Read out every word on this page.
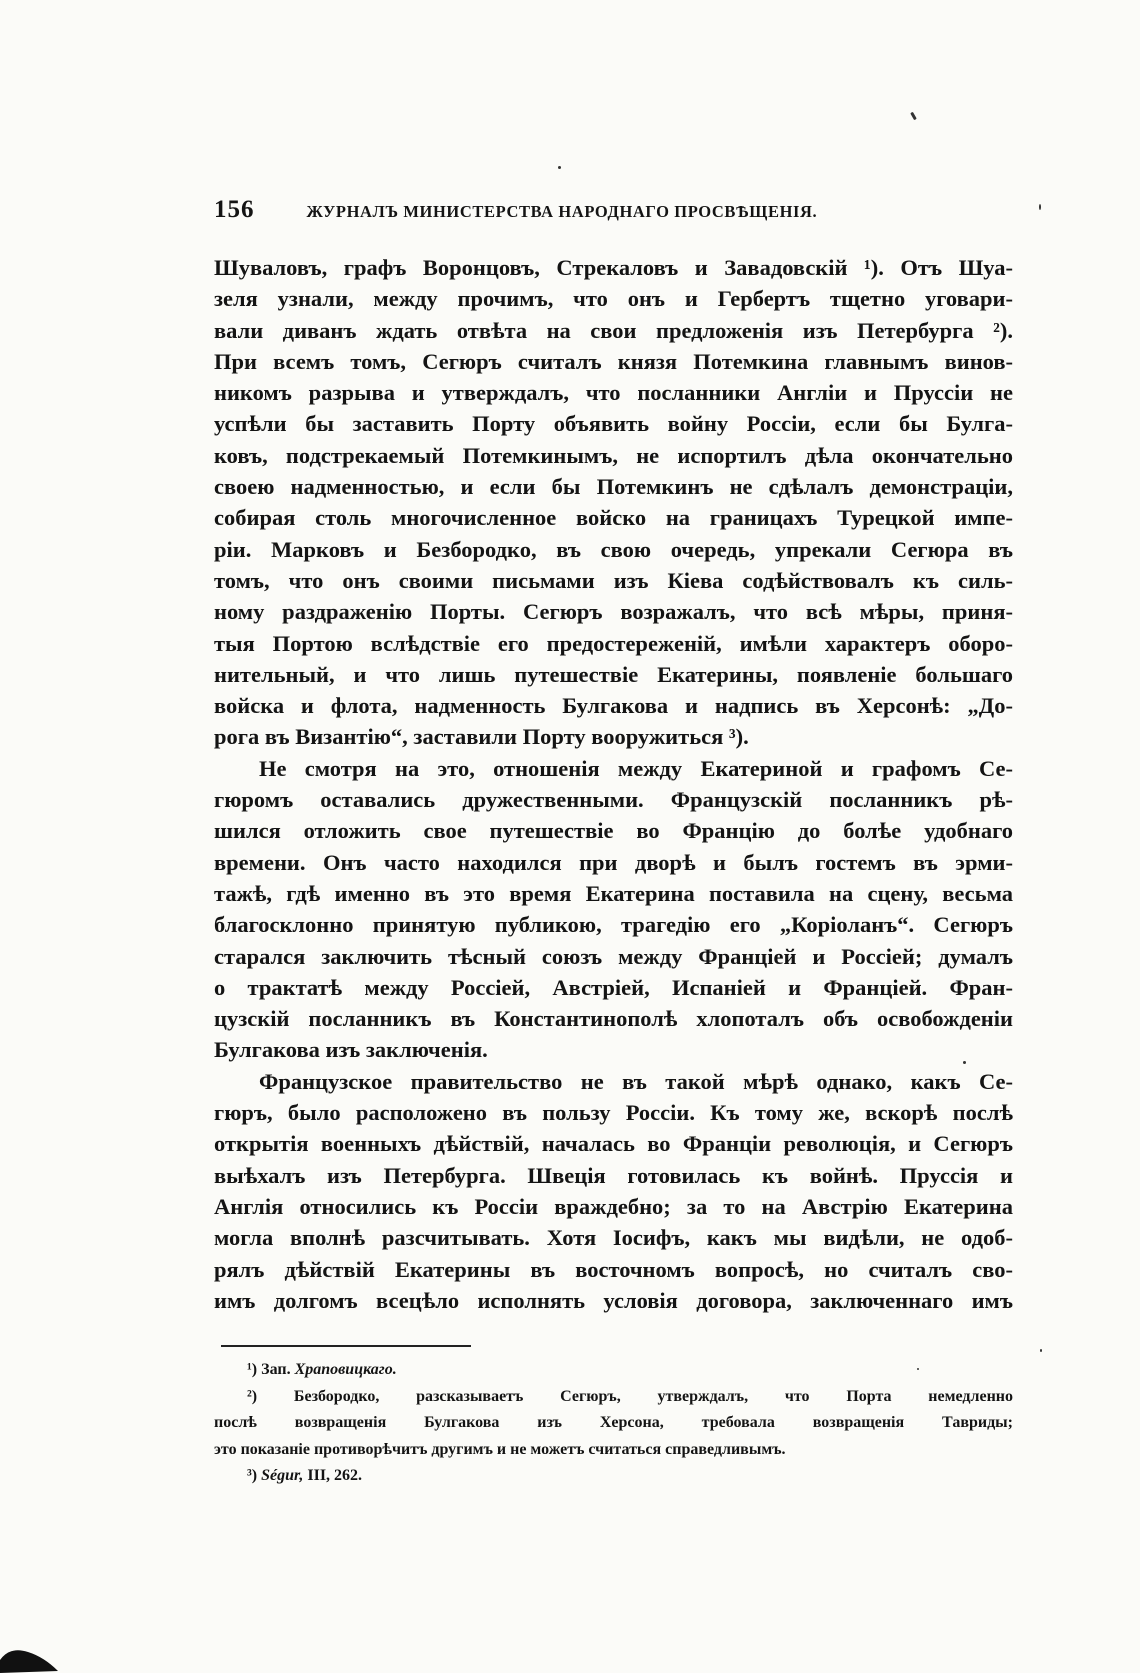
156	ЖУРНАЛЪ МИНИСТЕРСТВА НАРОДНАГО ПРОСВѢЩЕНІЯ.
Шуваловъ, графъ Воронцовъ, Стрекаловъ и Завадовскій ¹). Отъ Шуа-
зеля узнали, между прочимъ, что онъ и Гербертъ тщетно уговари-
вали диванъ ждать отвѣта на свои предложенія изъ Петербурга ²).
При всемъ томъ, Сегюръ считалъ князя Потемкина главнымъ винов-
никомъ разрыва и утверждалъ, что посланники Англіи и Пруссіи не
успѣли бы заставить Порту объявить войну Россіи, если бы Булга-
ковъ, подстрекаемый Потемкинымъ, не испортилъ дѣла окончательно
своею надменностью, и если бы Потемкинъ не сдѣлалъ демонстраціи,
собирая столь многочисленное войско на границахъ Турецкой импе-
ріи. Марковъ и Безбородко, въ свою очередь, упрекали Сегюра въ
томъ, что онъ своими письмами изъ Кіева содѣйствовалъ къ силь-
ному раздраженію Порты. Сегюръ возражалъ, что всѣ мѣры, приня-
тыя Портою вслѣдствіе его предостереженій, имѣли характеръ оборо-
нительный, и что лишь путешествіе Екатерины, появленіе большаго
войска и флота, надменность Булгакова и надпись въ Херсонѣ: „До-
рога въ Византію“, заставили Порту вооружиться ³).
Не смотря на это, отношенія между Екатериной и графомъ Се-
гюромъ оставались дружественными. Французскій посланникъ рѣ-
шился отложить свое путешествіе во Францію до болѣе удобнаго
времени. Онъ часто находился при дворѣ и былъ гостемъ въ эрми-
тажѣ, гдѣ именно въ это время Екатерина поставила на сцену, весьма
благосклонно принятую публикою, трагедію его „Коріоланъ“. Сегюръ
старался заключить тѣсный союзъ между Франціей и Россіей; думалъ
о трактатѣ между Россіей, Австріей, Испаніей и Франціей. Фран-
цузскій посланникъ въ Константинополѣ хлопоталъ объ освобожденіи
Булгакова изъ заключенія.
Французское правительство не въ такой мѣрѣ однако, какъ Се-
гюръ, было расположено въ пользу Россіи. Къ тому же, вскорѣ послѣ
открытія военныхъ дѣйствій, началась во Франціи революція, и Сегюръ
выѣхалъ изъ Петербурга. Швеція готовилась къ войнѣ. Пруссія и
Англія относились къ Россіи враждебно; за то на Австрію Екатерина
могла вполнѣ разсчитывать. Хотя Іосифъ, какъ мы видѣли, не одоб-
рялъ дѣйствій Екатерины въ восточномъ вопросѣ, но считалъ сво-
имъ долгомъ всецѣло исполнять условія договора, заключеннаго имъ
¹) Зап. Храповицкаго.
²) Безбородко, разсказываетъ Сегюръ, утверждалъ, что Порта немедленно
послѣ возвращенія Булгакова изъ Херсона, требовала возвращенія Тавриды;
это показаніе противорѣчитъ другимъ и не можетъ считаться справедливымъ.
³) Ségur, III, 262.
